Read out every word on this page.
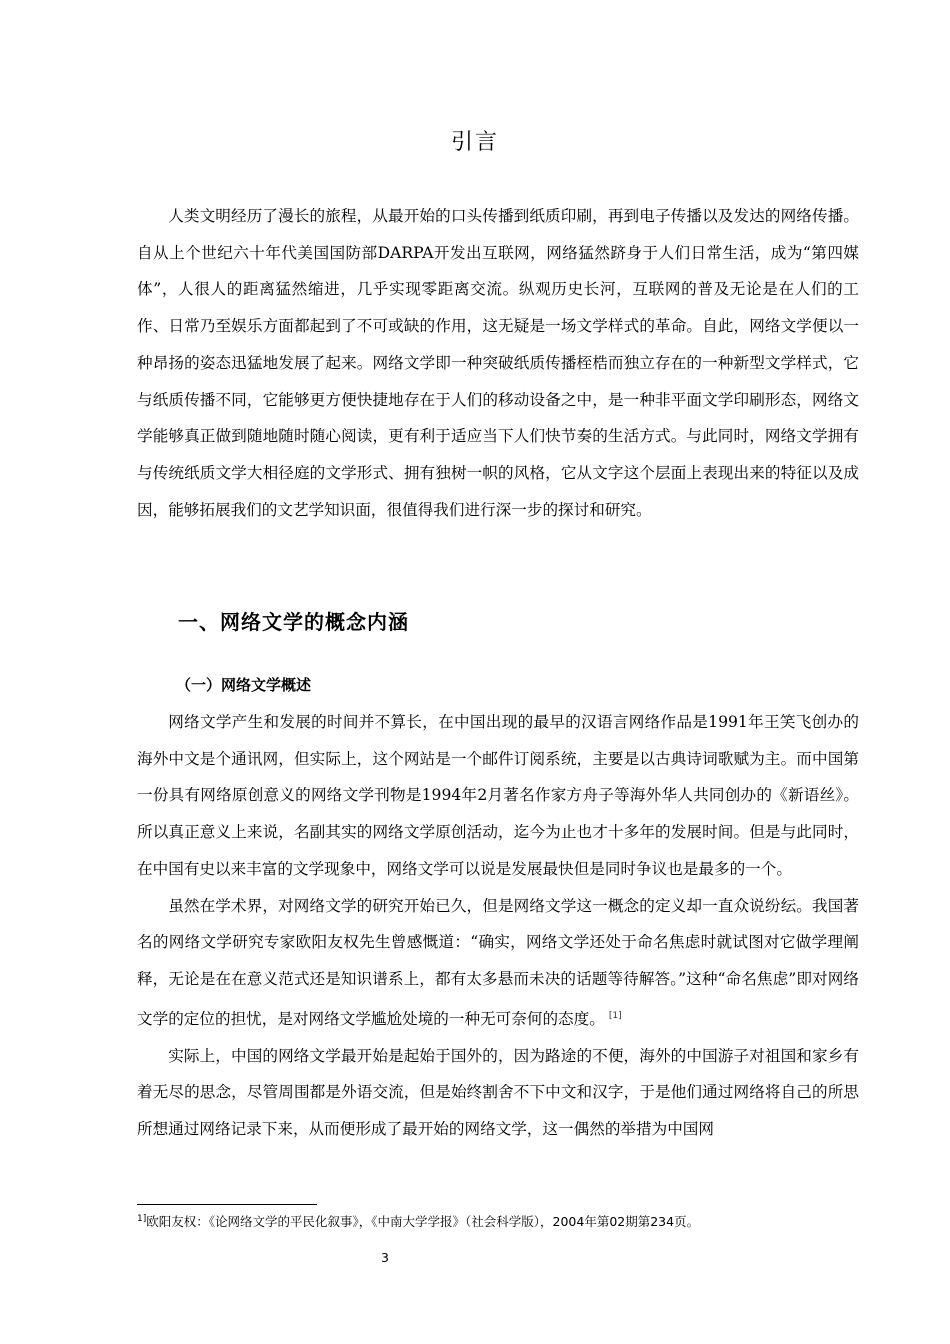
引言

人类文明经历了漫长的旅程，从最开始的口头传播到纸质印刷，再到电子传播以及发达的网络传播。自从上个世纪六十年代美国国防部DARPA开发出互联网，网络猛然跻身于人们日常生活，成为“第四媒体”，人很人的距离猛然缩进，几乎实现零距离交流。纵观历史长河，互联网的普及无论是在人们的工作、日常乃至娱乐方面都起到了不可或缺的作用，这无疑是一场文学样式的革命。自此，网络文学便以一种昂扬的姿态迅猛地发展了起来。网络文学即一种突破纸质传播桎梏而独立存在的一种新型文学样式，它与纸质传播不同，它能够更方便快捷地存在于人们的移动设备之中，是一种非平面文学印刷形态，网络文学能够真正做到随地随时随心阅读，更有利于适应当下人们快节奏的生活方式。与此同时，网络文学拥有与传统纸质文学大相径庭的文学形式、拥有独树一帜的风格，它从文字这个层面上表现出来的特征以及成因，能够拓展我们的文艺学知识面，很值得我们进行深一步的探讨和研究。

一、网络文学的概念内涵
（一）网络文学概述

网络文学产生和发展的时间并不算长，在中国出现的最早的汉语言网络作品是1991年王笑飞创办的海外中文是个通讯网，但实际上，这个网站是一个邮件订阅系统，主要是以古典诗词歌赋为主。而中国第一份具有网络原创意义的网络文学刊物是1994年2月著名作家方舟子等海外华人共同创办的《新语丝》。所以真正意义上来说，名副其实的网络文学原创活动，迄今为止也才十多年的发展时间。但是与此同时，在中国有史以来丰富的文学现象中，网络文学可以说是发展最快但是同时争议也是最多的一个。

虽然在学术界，对网络文学的研究开始已久，但是网络文学这一概念的定义却一直众说纷纭。我国著名的网络文学研究专家欧阳友权先生曾感慨道：“确实，网络文学还处于命名焦虑时就试图对它做学理阐释，无论是在在意义范式还是知识谱系上，都有太多悬而未决的话题等待解答。”这种“命名焦虑”即对网络文学的定位的担忧，是对网络文学尴尬处境的一种无可奈何的态度。 [1]

实际上，中国的网络文学最开始是起始于国外的，因为路途的不便，海外的中国游子对祖国和家乡有着无尽的思念，尽管周围都是外语交流，但是始终割舍不下中文和汉字，于是他们通过网络将自己的所思所想通过网络记录下来，从而便形成了最开始的网络文学，这一偶然的举措为中国网

$^{1]}$欧阳友权：《论网络文学的平民化叙事》，《中南大学学报》（社会科学版），2004年第02期第234页。
3
